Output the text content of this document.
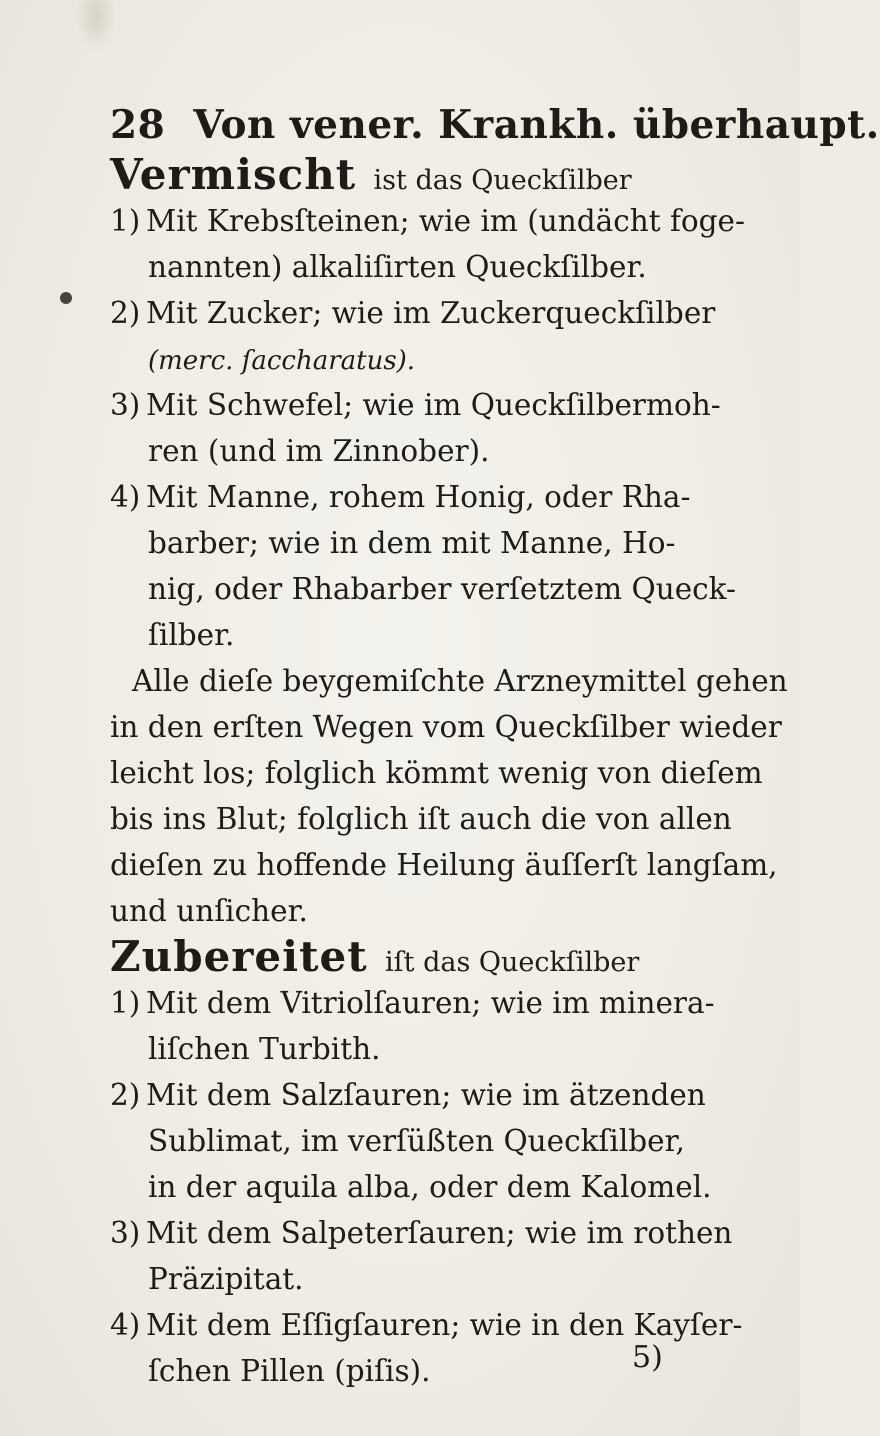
28 Von vener. Krankh. überhaupt.
Vermischt ist das Queckſilber
1) Mit Krebsſteinen; wie im (undächt foge-
nannten) alkaliſirten Queckſilber.
2) Mit Zucker; wie im Zuckerqueckſilber
(merc. ſaccharatus).
3) Mit Schwefel; wie im Queckſilbermoh-
ren (und im Zinnober).
4) Mit Manne, rohem Honig, oder Rha-
barber; wie in dem mit Manne, Ho-
nig, oder Rhabarber verſetztem Queck-
ſilber.
Alle dieſe beygemiſchte Arzneymittel gehen
in den erſten Wegen vom Queckſilber wieder
leicht los; folglich kömmt wenig von dieſem
bis ins Blut; folglich iſt auch die von allen
dieſen zu hoffende Heilung äuſſerſt langſam,
und unſicher.
Zubereitet iſt das Queckſilber
1) Mit dem Vitriolſauren; wie im minera-
liſchen Turbith.
2) Mit dem Salzſauren; wie im ätzenden
Sublimat, im verſüßten Queckſilber,
in der aquila alba, oder dem Kalomel.
3) Mit dem Salpeterſauren; wie im rothen
Präzipitat.
4) Mit dem Eſſigſauren; wie in den Kayſer-
ſchen Pillen (piſis).	5)
